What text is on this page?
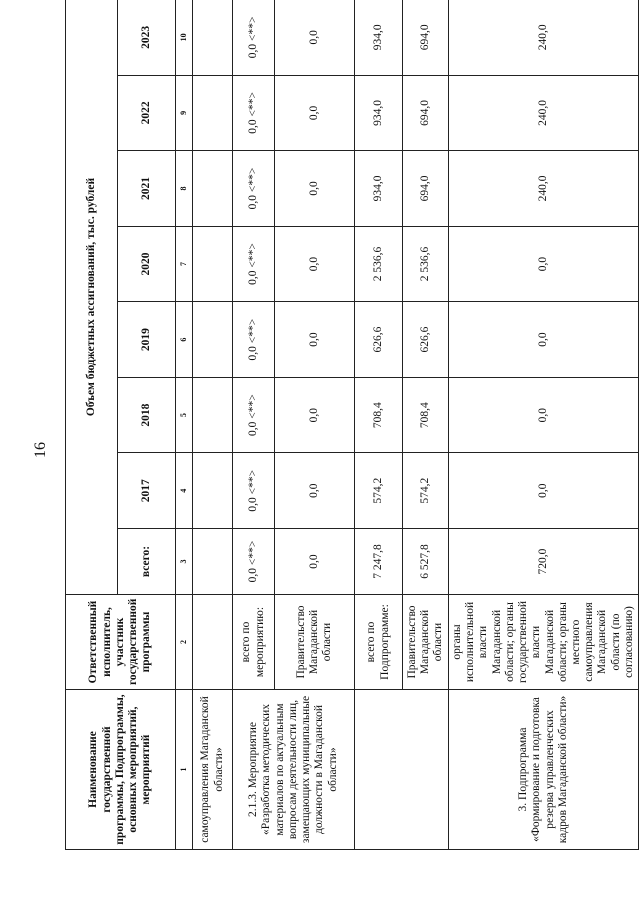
16
Наименование государственной программы, Подпрограммы, основных мероприятий, мероприятий	Ответственный исполнитель, участник государственной программы	Объем бюджетных ассигнований, тыс. рублей							
		всего:	2017	2018	2019	2020	2021	2022	2023
1	2	3	4	5	6	7	8	9	10
самоуправления Магаданской области»									
2.1.3. Мероприятие «Разработка методических материалов по актуальным вопросам деятельности лиц, замещающих муниципальные должности в Магаданской области»	всего по мероприятию:	0,0 <**>	0,0 <**>	0,0 <**>	0,0 <**>	0,0 <**>	0,0 <**>	0,0 <**>	0,0 <**>
	Правительство Магаданской области	0,0	0,0	0,0	0,0	0,0	0,0	0,0	0,0
	всего по Подпрограмме:	7 247,8	574,2	708,4	626,6	2 536,6	934,0	934,0	934,0
	Правительство Магаданской области	6 527,8	574,2	708,4	626,6	2 536,6	694,0	694,0	694,0
3. Подпрограмма «Формирование и подготовка резерва управленческих кадров Магаданской области»	органы исполнительной власти Магаданской области; органы государственной власти Магаданской области; органы местного самоуправления Магаданской области (по согласованию)	720,0	0,0	0,0	0,0	0,0	240,0	240,0	240,0
